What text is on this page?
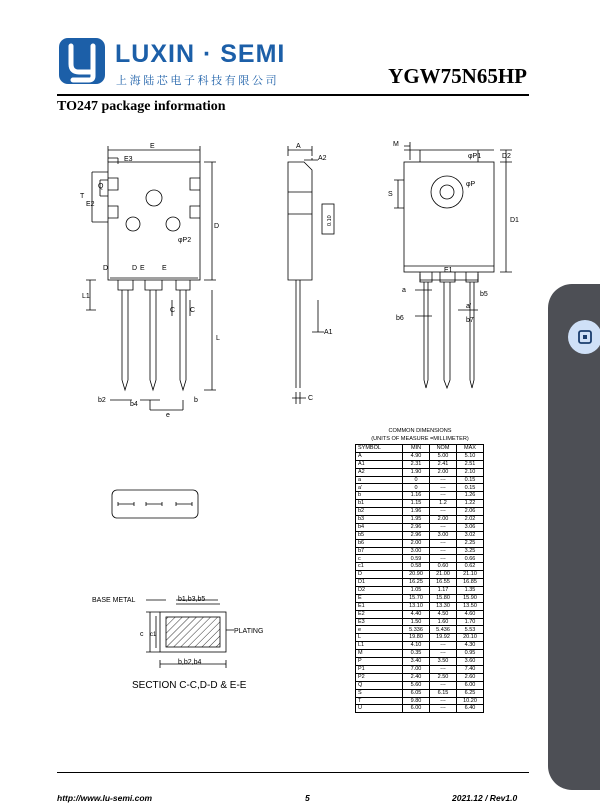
LUXIN · SEMI
上海陆芯电子科技有限公司	YGW75N65HP
TO247 package information
E
E3
T
Q
E2
D
φP2
D	D E E
L1
L
C C
b2
b4
b
e
A
A2
A1
C
0.10
M
D2
φP1
φP
S
D1
E1
a
a'
b5
b6	b7
BASE METAL	b1,b3,b5
PLATING
c c1
b,b2,b4
SECTION C-C,D-D & E-E
COMMON DIMENSIONS
(UNITS OF MEASURE =MILLIMETER)
SYMBOL	MIN	NOM	MAX
A	4.90	5.00	5.10
A1	2.31	2.41	2.51
A2	1.90	2.00	2.10
a	0	---	0.15
a'	0	---	0.15
b	1.16	---	1.26
b1	1.15	1.2	1.22
b2	1.96	---	2.06
b3	1.95	2.00	2.02
b4	2.96	---	3.06
b5	2.96	3.00	3.02
b6	2.00	---	2.25
b7	3.00	---	3.25
c	0.59	---	0.66
c1	0.58	0.60	0.62
D	20.90	21.00	21.10
D1	16.25	16.55	16.85
D2	1.05	1.17	1.35
E	15.70	15.80	15.90
E1	13.10	13.30	13.50
E2	4.40	4.50	4.60
E3	1.50	1.60	1.70
e	5.336	5.436	5.53
L	19.80	19.92	20.10
L1	4.10	---	4.30
M	0.35	---	0.95
P	3.40	3.50	3.60
P1	7.00	---	7.40
P2	2.40	2.50	2.60
Q	5.60	---	6.00
S	6.05	6.15	6.25
T	9.80	---	10.20
U	6.00	---	6.40
http://www.lu-semi.com	5	2021.12 / Rev1.0
